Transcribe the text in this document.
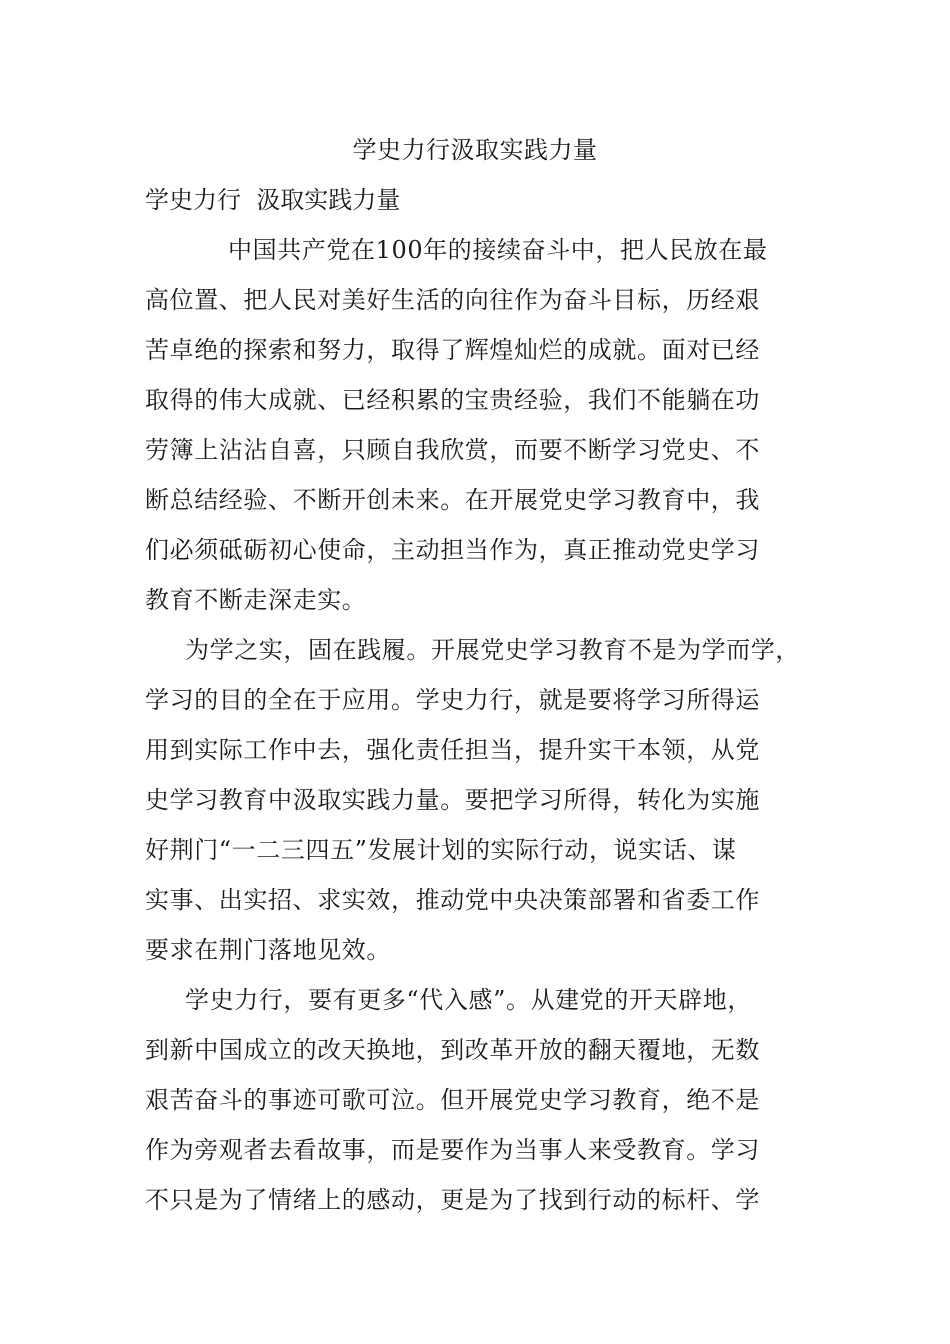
学史力行汲取实践力量
学史力行  汲取实践力量
中国共产党在100年的接续奋斗中，把人民放在最
高位置、把人民对美好生活的向往作为奋斗目标，历经艰
苦卓绝的探索和努力，取得了辉煌灿烂的成就。面对已经
取得的伟大成就、已经积累的宝贵经验，我们不能躺在功
劳簿上沾沾自喜，只顾自我欣赏，而要不断学习党史、不
断总结经验、不断开创未来。在开展党史学习教育中，我
们必须砥砺初心使命，主动担当作为，真正推动党史学习
教育不断走深走实。
为学之实，固在践履。开展党史学习教育不是为学而学，
学习的目的全在于应用。学史力行，就是要将学习所得运
用到实际工作中去，强化责任担当，提升实干本领，从党
史学习教育中汲取实践力量。要把学习所得，转化为实施
好荆门“一二三四五”发展计划的实际行动，说实话、谋
实事、出实招、求实效，推动党中央决策部署和省委工作
要求在荆门落地见效。
学史力行，要有更多“代入感”。从建党的开天辟地，
到新中国成立的改天换地，到改革开放的翻天覆地，无数
艰苦奋斗的事迹可歌可泣。但开展党史学习教育，绝不是
作为旁观者去看故事，而是要作为当事人来受教育。学习
不只是为了情绪上的感动，更是为了找到行动的标杆、学
